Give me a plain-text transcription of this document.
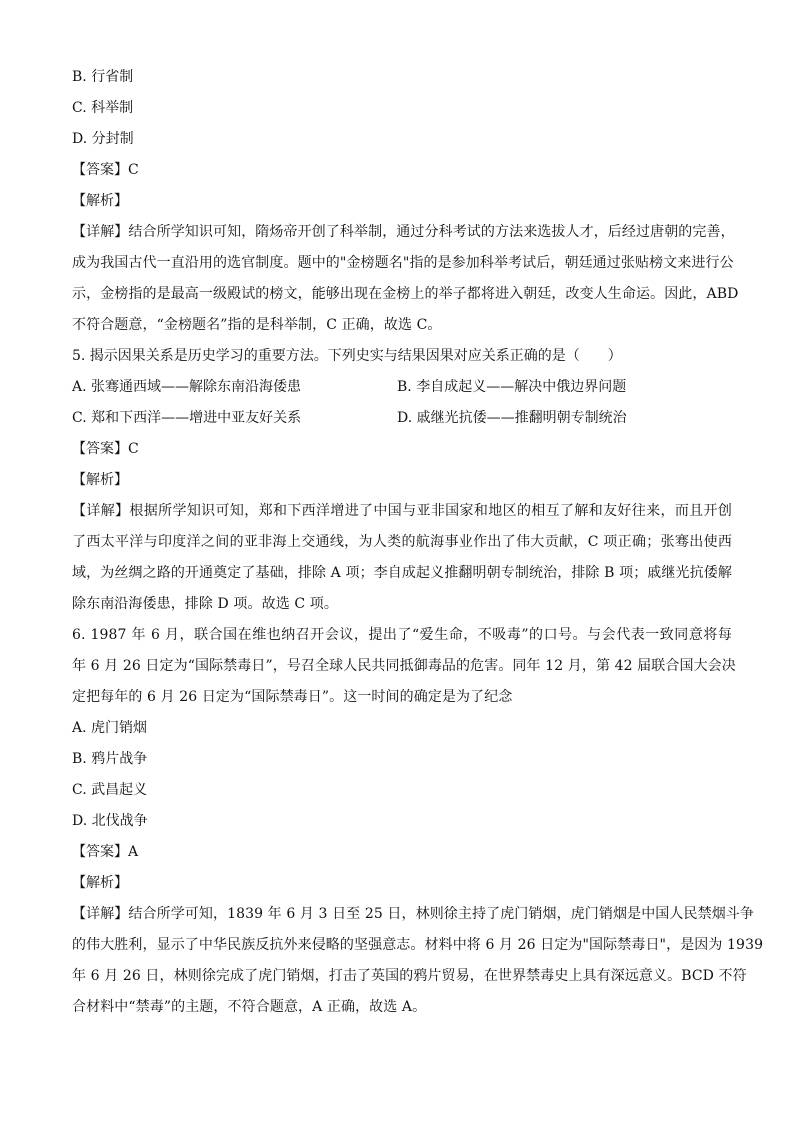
B. 行省制
C. 科举制
D. 分封制
【答案】C
【解析】
【详解】结合所学知识可知，隋炀帝开创了科举制，通过分科考试的方法来选拔人才，后经过唐朝的完善，
成为我国古代一直沿用的选官制度。题中的"金榜题名"指的是参加科举考试后，朝廷通过张贴榜文来进行公
示，金榜指的是最高一级殿试的榜文，能够出现在金榜上的举子都将进入朝廷，改变人生命运。因此，ABD
不符合题意，“金榜题名”指的是科举制，C 正确，故选 C。
5. 揭示因果关系是历史学习的重要方法。下列史实与结果因果对应关系正确的是（　　）
A. 张骞通西域——解除东南沿海倭患	B. 李自成起义——解决中俄边界问题
C. 郑和下西洋——增进中亚友好关系	D. 戚继光抗倭——推翻明朝专制统治
【答案】C
【解析】
【详解】根据所学知识可知，郑和下西洋增进了中国与亚非国家和地区的相互了解和友好往来，而且开创
了西太平洋与印度洋之间的亚非海上交通线，为人类的航海事业作出了伟大贡献，C 项正确；张骞出使西
域，为丝绸之路的开通奠定了基础，排除 A 项；李自成起义推翻明朝专制统治，排除 B 项；戚继光抗倭解
除东南沿海倭患，排除 D 项。故选 C 项。
6. 1987 年 6 月，联合国在维也纳召开会议，提出了“爱生命，不吸毒”的口号。与会代表一致同意将每
年 6 月 26 日定为“国际禁毒日”，号召全球人民共同抵御毒品的危害。同年 12 月，第 42 届联合国大会决
定把每年的 6 月 26 日定为“国际禁毒日”。这一时间的确定是为了纪念
A. 虎门销烟
B. 鸦片战争
C. 武昌起义
D. 北伐战争
【答案】A
【解析】
【详解】结合所学可知，1839 年 6 月 3 日至 25 日，林则徐主持了虎门销烟，虎门销烟是中国人民禁烟斗争
的伟大胜利，显示了中华民族反抗外来侵略的坚强意志。材料中将 6 月 26 日定为"国际禁毒日"，是因为 1939
年 6 月 26 日，林则徐完成了虎门销烟，打击了英国的鸦片贸易，在世界禁毒史上具有深远意义。BCD 不符
合材料中“禁毒”的主题，不符合题意，A 正确，故选 A。
